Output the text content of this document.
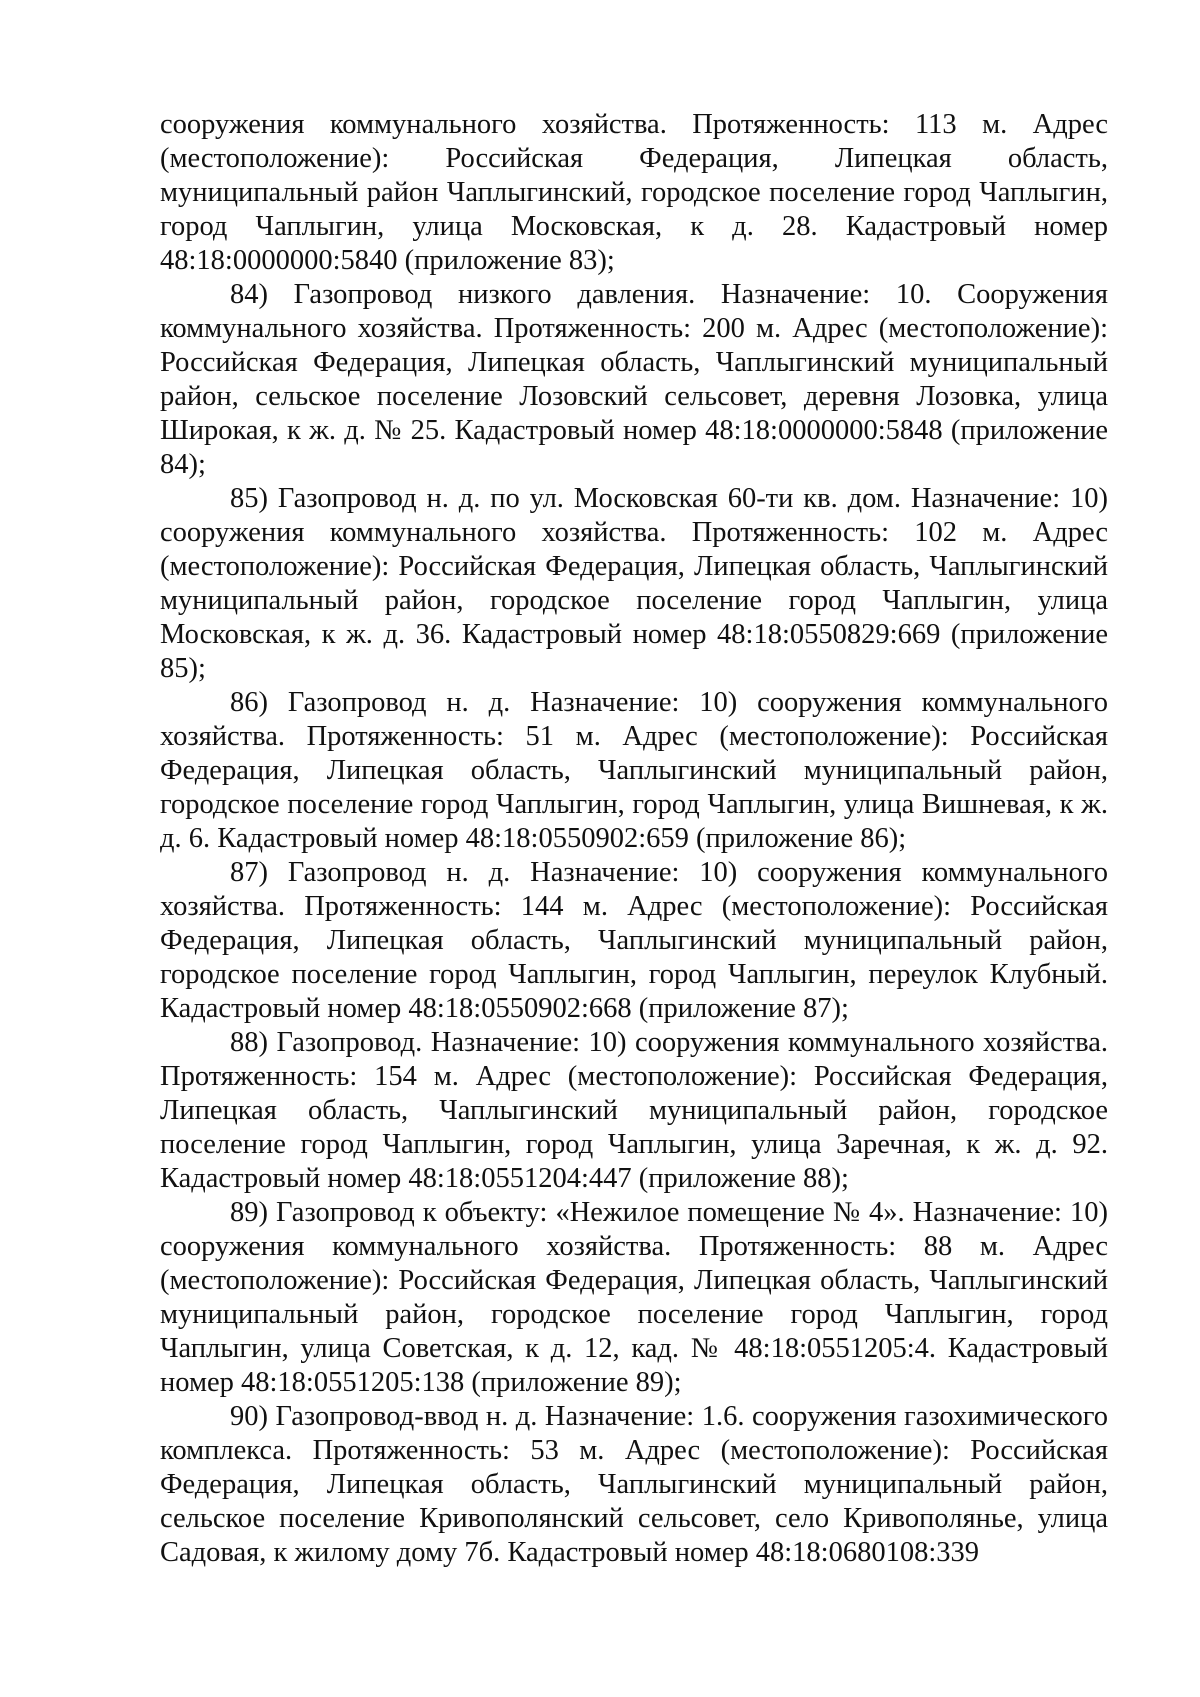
сооружения коммунального хозяйства. Протяженность: 113 м. Адрес (местоположение): Российская Федерация, Липецкая область, муниципальный район Чаплыгинский, городское поселение город Чаплыгин, город Чаплыгин, улица Московская, к д. 28. Кадастровый номер 48:18:0000000:5840 (приложение 83);

84) Газопровод низкого давления. Назначение: 10. Сооружения коммунального хозяйства. Протяженность: 200 м. Адрес (местоположение): Российская Федерация, Липецкая область, Чаплыгинский муниципальный район, сельское поселение Лозовский сельсовет, деревня Лозовка, улица Широкая, к ж. д. № 25. Кадастровый номер 48:18:0000000:5848 (приложение 84);

85) Газопровод н. д. по ул. Московская 60-ти кв. дом. Назначение: 10) сооружения коммунального хозяйства. Протяженность: 102 м. Адрес (местоположение): Российская Федерация, Липецкая область, Чаплыгинский муниципальный район, городское поселение город Чаплыгин, улица Московская, к ж. д. 36. Кадастровый номер 48:18:0550829:669 (приложение 85);

86) Газопровод н. д. Назначение: 10) сооружения коммунального хозяйства. Протяженность: 51 м. Адрес (местоположение): Российская Федерация, Липецкая область, Чаплыгинский муниципальный район, городское поселение город Чаплыгин, город Чаплыгин, улица Вишневая, к ж. д. 6. Кадастровый номер 48:18:0550902:659 (приложение 86);

87) Газопровод н. д. Назначение: 10) сооружения коммунального хозяйства. Протяженность: 144 м. Адрес (местоположение): Российская Федерация, Липецкая область, Чаплыгинский муниципальный район, городское поселение город Чаплыгин, город Чаплыгин, переулок Клубный. Кадастровый номер 48:18:0550902:668 (приложение 87);

88) Газопровод. Назначение: 10) сооружения коммунального хозяйства. Протяженность: 154 м. Адрес (местоположение): Российская Федерация, Липецкая область, Чаплыгинский муниципальный район, городское поселение город Чаплыгин, город Чаплыгин, улица Заречная, к ж. д. 92. Кадастровый номер 48:18:0551204:447 (приложение 88);

89) Газопровод к объекту: «Нежилое помещение № 4». Назначение: 10) сооружения коммунального хозяйства. Протяженность: 88 м. Адрес (местоположение): Российская Федерация, Липецкая область, Чаплыгинский муниципальный район, городское поселение город Чаплыгин, город Чаплыгин, улица Советская, к д. 12, кад. № 48:18:0551205:4. Кадастровый номер 48:18:0551205:138 (приложение 89);

90) Газопровод-ввод н. д. Назначение: 1.6. сооружения газохимического комплекса. Протяженность: 53 м. Адрес (местоположение): Российская Федерация, Липецкая область, Чаплыгинский муниципальный район, сельское поселение Кривополянский сельсовет, село Кривополянье, улица Садовая, к жилому дому 7б. Кадастровый номер 48:18:0680108:339
